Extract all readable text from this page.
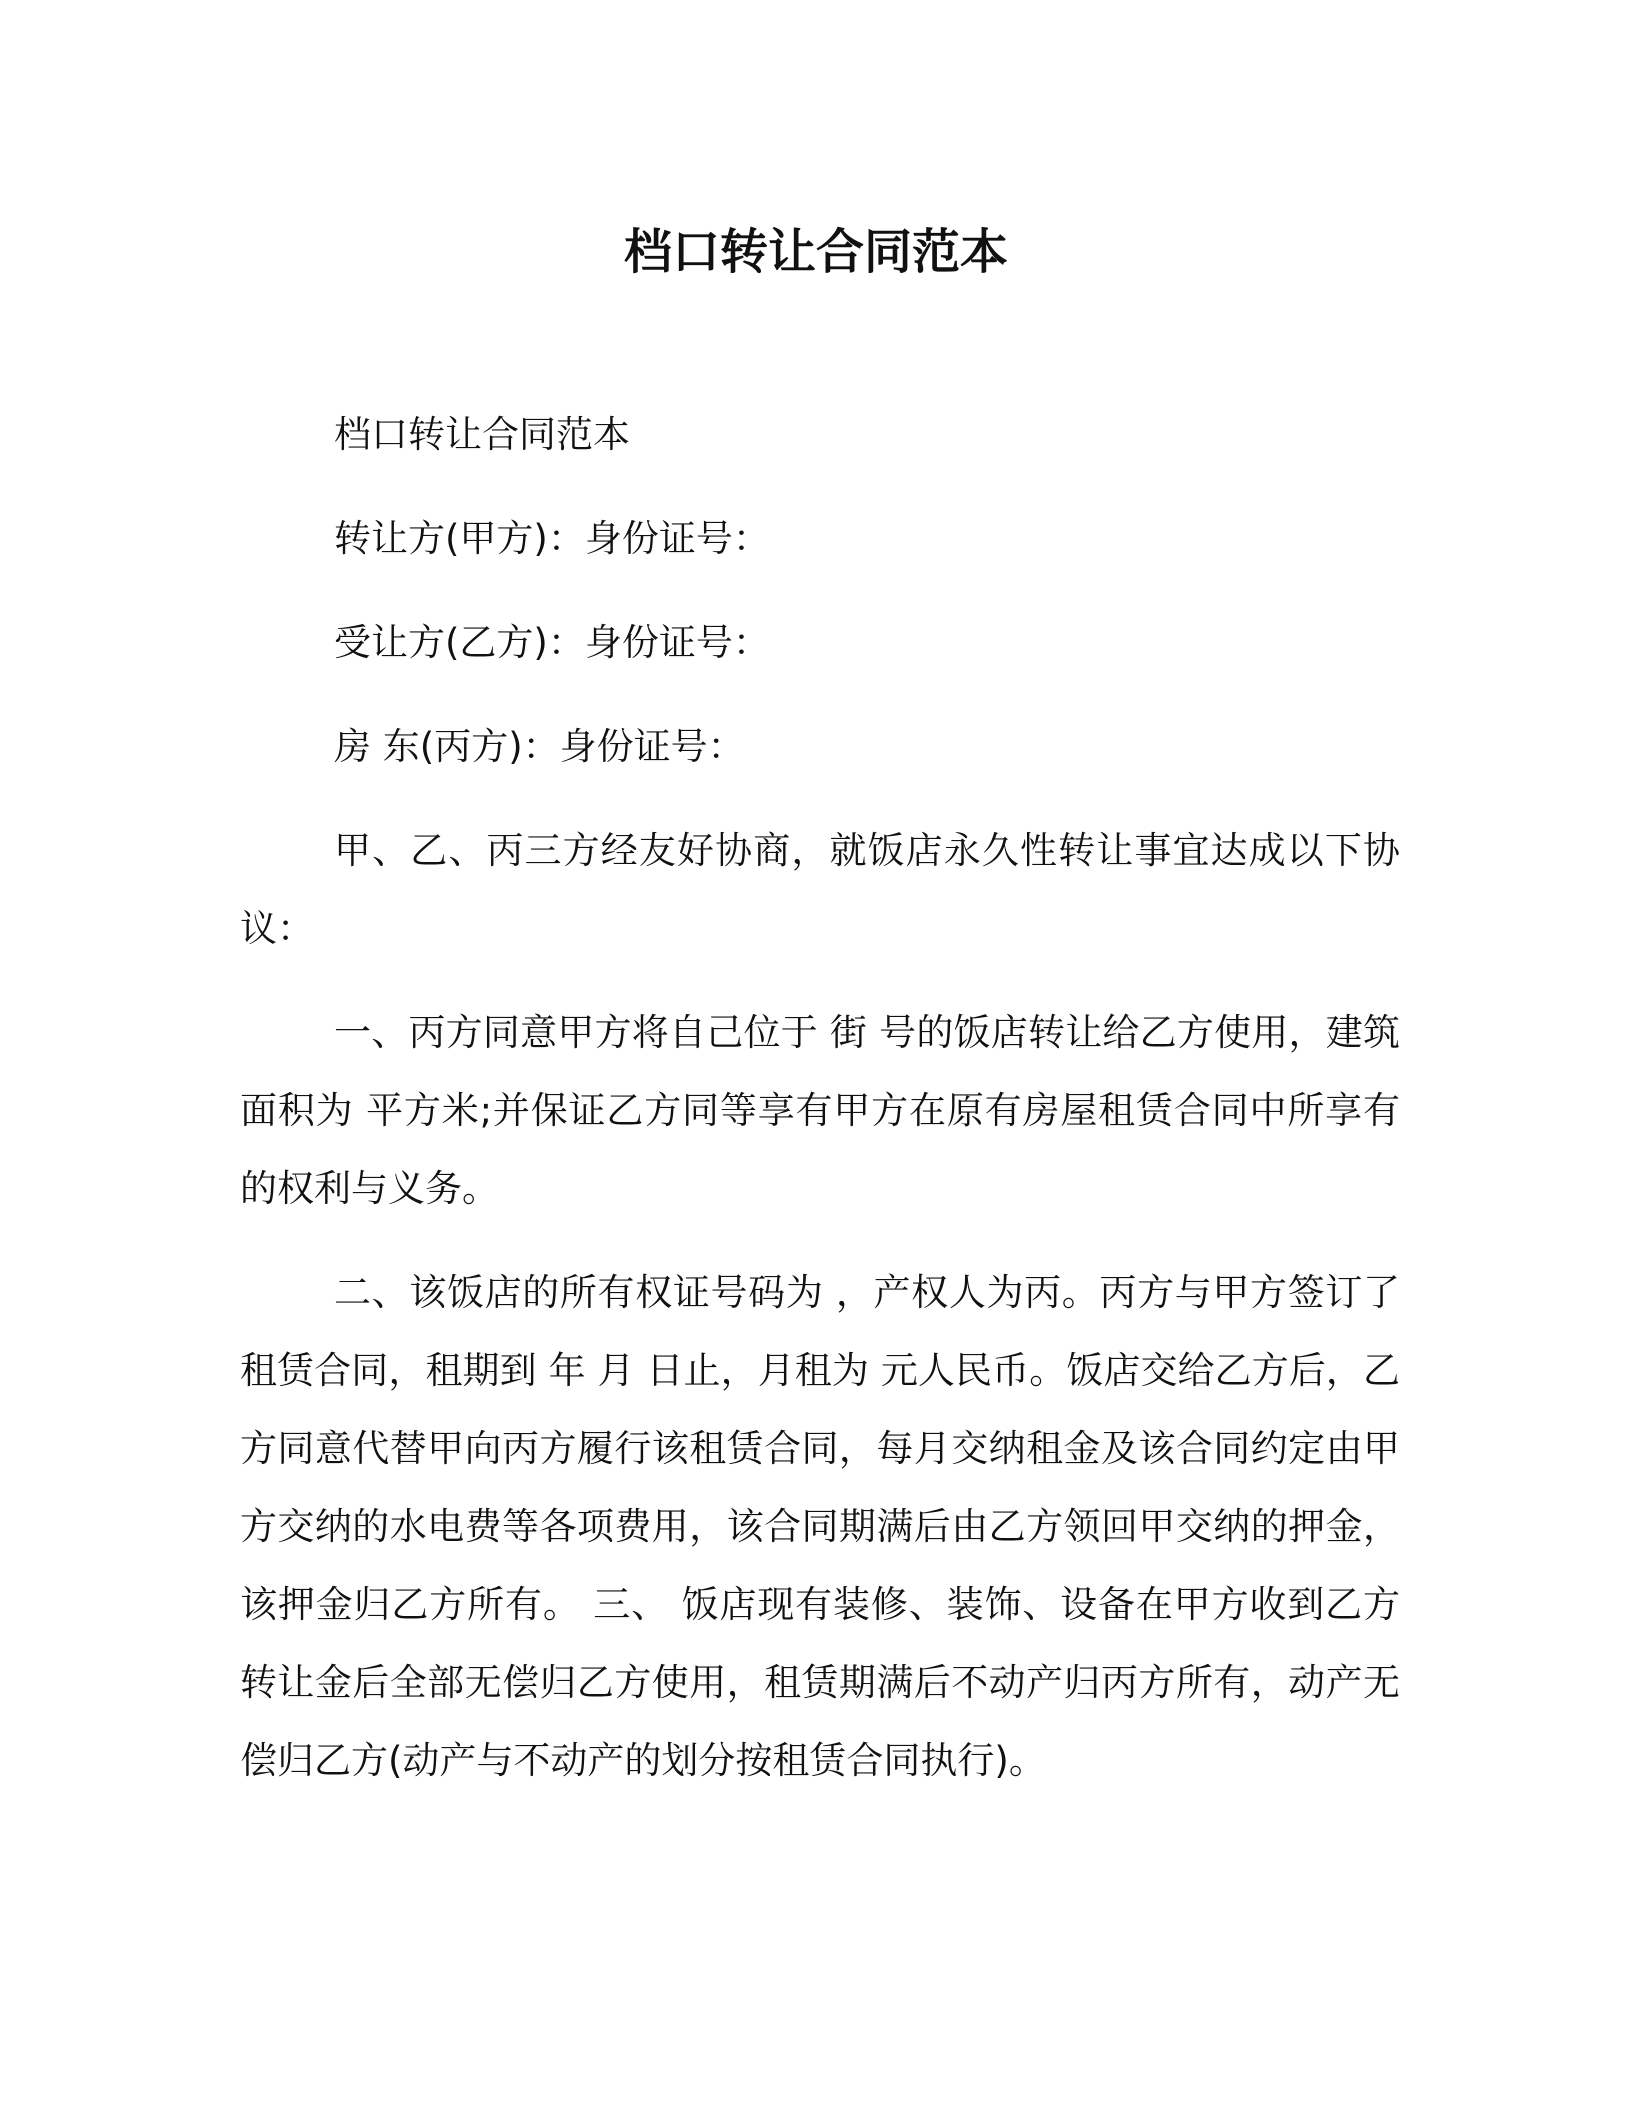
档口转让合同范本

档口转让合同范本

转让方(甲方)：身份证号：

受让方(乙方)：身份证号：

房 东(丙方)：身份证号：

甲、乙、丙三方经友好协商，就饭店永久性转让事宜达成以下协议：

一、丙方同意甲方将自己位于 街 号的饭店转让给乙方使用，建筑面积为 平方米;并保证乙方同等享有甲方在原有房屋租赁合同中所享有的权利与义务。

二、该饭店的所有权证号码为 ，产权人为丙。丙方与甲方签订了租赁合同，租期到 年 月 日止，月租为 元人民币。饭店交给乙方后，乙方同意代替甲向丙方履行该租赁合同，每月交纳租金及该合同约定由甲方交纳的水电费等各项费用，该合同期满后由乙方领回甲交纳的押金，该押金归乙方所有。 三、 饭店现有装修、装饰、设备在甲方收到乙方转让金后全部无偿归乙方使用，租赁期满后不动产归丙方所有，动产无偿归乙方(动产与不动产的划分按租赁合同执行)。
